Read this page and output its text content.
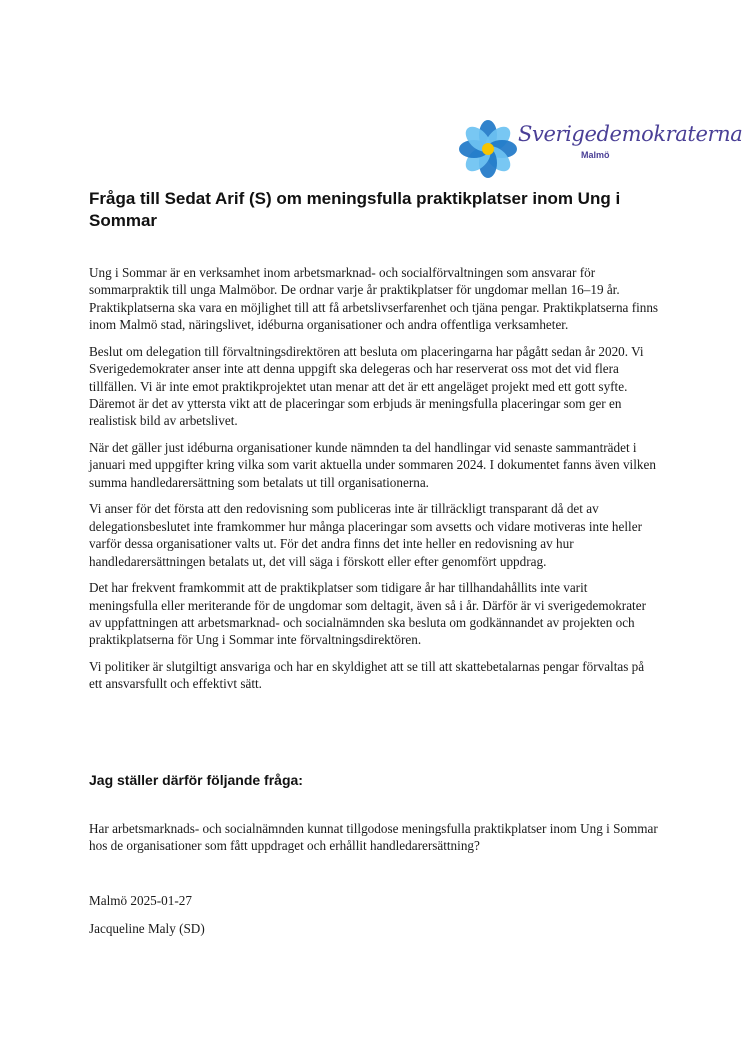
Sverigedemokraterna
Malmö
Fråga till Sedat Arif (S) om meningsfulla praktikplatser inom Ung i Sommar

Ung i Sommar är en verksamhet inom arbetsmarknad- och socialförvaltningen som ansvarar för sommarpraktik till unga Malmöbor. De ordnar varje år praktikplatser för ungdomar mellan 16–19 år. Praktikplatserna ska vara en möjlighet till att få arbetslivserfarenhet och tjäna pengar. Praktikplatserna finns inom Malmö stad, näringslivet, idéburna organisationer och andra offentliga verksamheter.

Beslut om delegation till förvaltningsdirektören att besluta om placeringarna har pågått sedan år 2020. Vi Sverigedemokrater anser inte att denna uppgift ska delegeras och har reserverat oss mot det vid flera tillfällen. Vi är inte emot praktikprojektet utan menar att det är ett angeläget projekt med ett gott syfte. Däremot är det av yttersta vikt att de placeringar som erbjuds är meningsfulla placeringar som ger en realistisk bild av arbetslivet.

När det gäller just idéburna organisationer kunde nämnden ta del handlingar vid senaste sammanträdet i januari med uppgifter kring vilka som varit aktuella under sommaren 2024. I dokumentet fanns även vilken summa handledarersättning som betalats ut till organisationerna.

Vi anser för det första att den redovisning som publiceras inte är tillräckligt transparant då det av delegationsbeslutet inte framkommer hur många placeringar som avsetts och vidare motiveras inte heller varför dessa organisationer valts ut. För det andra finns det inte heller en redovisning av hur handledarersättningen betalats ut, det vill säga i förskott eller efter genomfört uppdrag.

Det har frekvent framkommit att de praktikplatser som tidigare år har tillhandahållits inte varit meningsfulla eller meriterande för de ungdomar som deltagit, även så i år. Därför är vi sverigedemokrater av uppfattningen att arbetsmarknad- och socialnämnden ska besluta om godkännandet av projekten och praktikplatserna för Ung i Sommar inte förvaltningsdirektören.

Vi politiker är slutgiltigt ansvariga och har en skyldighet att se till att skattebetalarnas pengar förvaltas på ett ansvarsfullt och effektivt sätt.

Jag ställer därför följande fråga:

Har arbetsmarknads- och socialnämnden kunnat tillgodose meningsfulla praktikplatser inom Ung i Sommar hos de organisationer som fått uppdraget och erhållit handledarersättning?

Malmö 2025-01-27

Jacqueline Maly (SD)
